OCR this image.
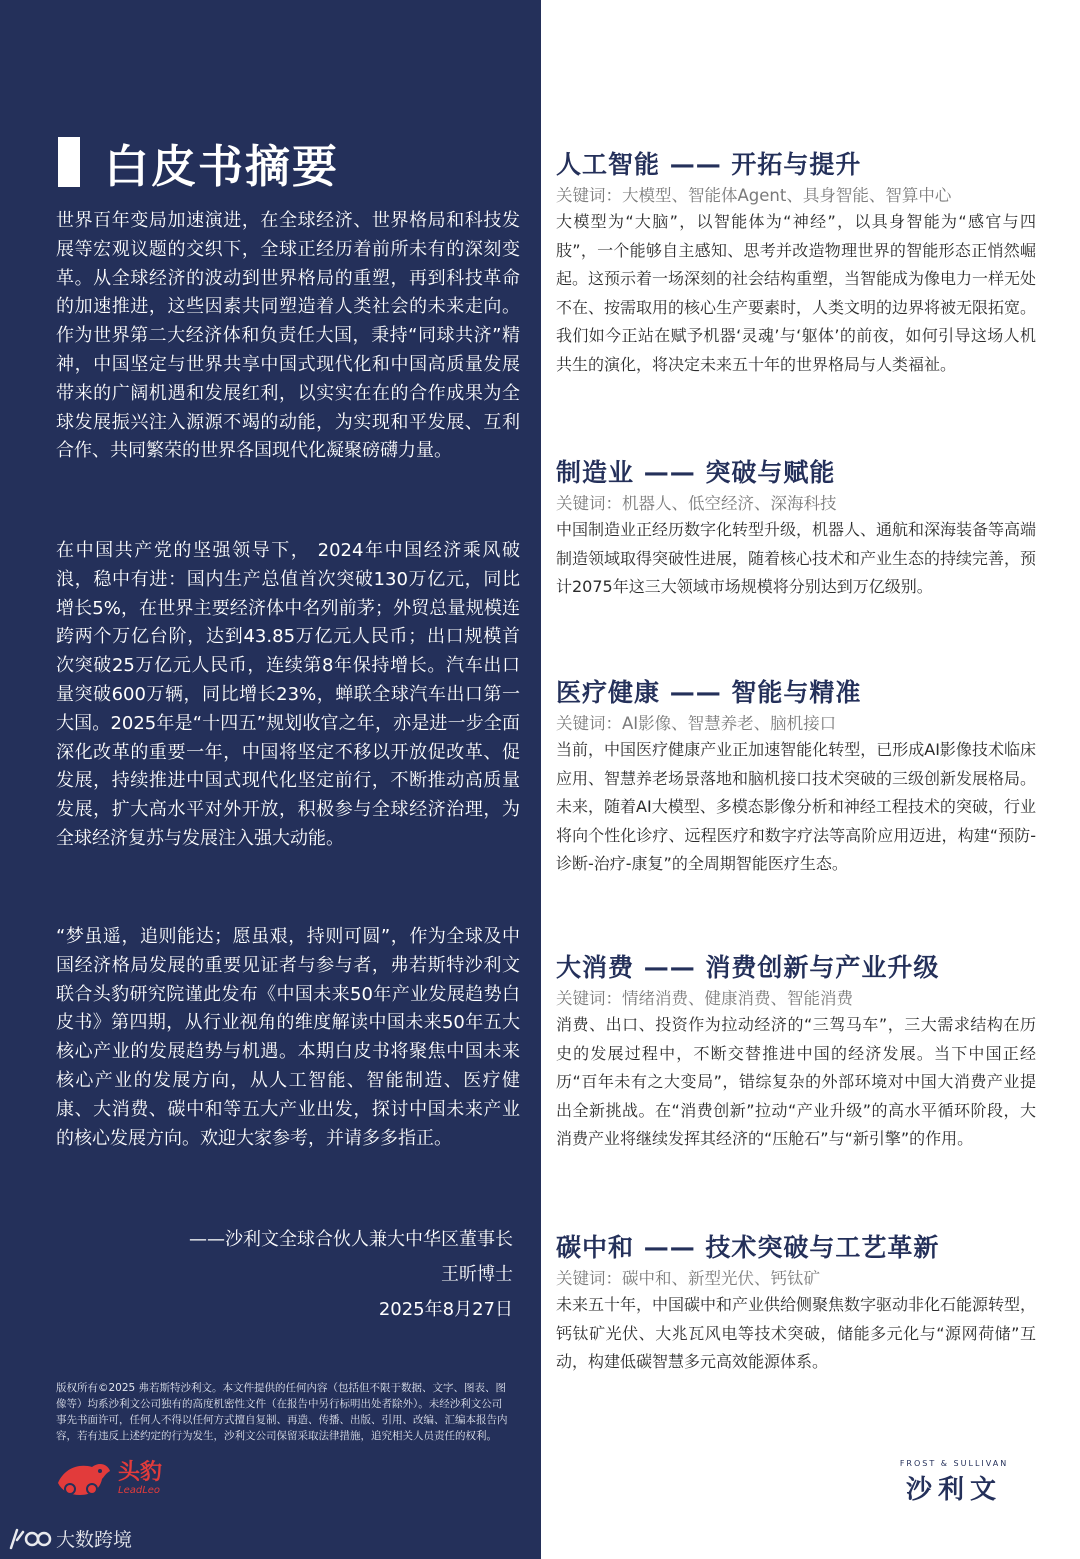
白皮书摘要

世界百年变局加速演进，在全球经济、世界格局和科技发展等宏观议题的交织下，全球正经历着前所未有的深刻变革。从全球经济的波动到世界格局的重塑，再到科技革命的加速推进，这些因素共同塑造着人类社会的未来走向。作为世界第二大经济体和负责任大国，秉持“同球共济”精神，中国坚定与世界共享中国式现代化和中国高质量发展带来的广阔机遇和发展红利，以实实在在的合作成果为全球发展振兴注入源源不竭的动能，为实现和平发展、互利合作、共同繁荣的世界各国现代化凝聚磅礴力量。

在中国共产党的坚强领导下， 2024年中国经济乘风破浪，稳中有进：国内生产总值首次突破130万亿元，同比增长5%，在世界主要经济体中名列前茅；外贸总量规模连跨两个万亿台阶，达到43.85万亿元人民币；出口规模首次突破25万亿元人民币，连续第8年保持增长。汽车出口量突破600万辆，同比增长23%，蝉联全球汽车出口第一大国。2025年是“十四五”规划收官之年，亦是进一步全面深化改革的重要一年，中国将坚定不移以开放促改革、促发展，持续推进中国式现代化坚定前行，不断推动高质量发展，扩大高水平对外开放，积极参与全球经济治理，为全球经济复苏与发展注入强大动能。

“梦虽遥，追则能达；愿虽艰，持则可圆”，作为全球及中国经济格局发展的重要见证者与参与者，弗若斯特沙利文联合头豹研究院谨此发布《中国未来50年产业发展趋势白皮书》第四期，从行业视角的维度解读中国未来50年五大核心产业的发展趋势与机遇。本期白皮书将聚焦中国未来核心产业的发展方向，从人工智能、智能制造、医疗健康、大消费、碳中和等五大产业出发，探讨中国未来产业的核心发展方向。欢迎大家参考，并请多多指正。

——沙利文全球合伙人兼大中华区董事长
王昕博士
2025年8月27日

版权所有©2025 弗若斯特沙利文。本文件提供的任何内容（包括但不限于数据、文字、图表、图像等）均系沙利文公司独有的高度机密性文件（在报告中另行标明出处者除外）。未经沙利文公司事先书面许可，任何人不得以任何方式擅自复制、再造、传播、出版、引用、改编、汇编本报告内容，若有违反上述约定的行为发生，沙利文公司保留采取法律措施，追究相关人员责任的权利。

头豹
LeadLeo
大数跨境
人工智能 —— 开拓与提升

关键词：大模型、智能体Agent、具身智能、智算中心

大模型为“大脑”，以智能体为“神经”，以具身智能为“感官与四肢”，一个能够自主感知、思考并改造物理世界的智能形态正悄然崛起。这预示着一场深刻的社会结构重塑，当智能成为像电力一样无处不在、按需取用的核心生产要素时，人类文明的边界将被无限拓宽。我们如今正站在赋予机器‘灵魂’与‘躯体’的前夜，如何引导这场人机共生的演化，将决定未来五十年的世界格局与人类福祉。

制造业 —— 突破与赋能

关键词：机器人、低空经济、深海科技

中国制造业正经历数字化转型升级，机器人、通航和深海装备等高端制造领域取得突破性进展，随着核心技术和产业生态的持续完善，预计2075年这三大领域市场规模将分别达到万亿级别。

医疗健康 —— 智能与精准

关键词：AI影像、智慧养老、脑机接口

当前，中国医疗健康产业正加速智能化转型，已形成AI影像技术临床应用、智慧养老场景落地和脑机接口技术突破的三级创新发展格局。未来，随着AI大模型、多模态影像分析和神经工程技术的突破，行业将向个性化诊疗、远程医疗和数字疗法等高阶应用迈进，构建“预防-诊断-治疗-康复”的全周期智能医疗生态。

大消费 —— 消费创新与产业升级

关键词：情绪消费、健康消费、智能消费

消费、出口、投资作为拉动经济的“三驾马车”，三大需求结构在历史的发展过程中，不断交替推进中国的经济发展。当下中国正经历“百年未有之大变局”，错综复杂的外部环境对中国大消费产业提出全新挑战。在“消费创新”拉动“产业升级”的高水平循环阶段，大消费产业将继续发挥其经济的“压舱石”与“新引擎”的作用。

碳中和 —— 技术突破与工艺革新

关键词：碳中和、新型光伏、钙钛矿

未来五十年，中国碳中和产业供给侧聚焦数字驱动非化石能源转型，钙钛矿光伏、大兆瓦风电等技术突破，储能多元化与“源网荷储”互动，构建低碳智慧多元高效能源体系。

FROST & SULLIVAN
沙利文
